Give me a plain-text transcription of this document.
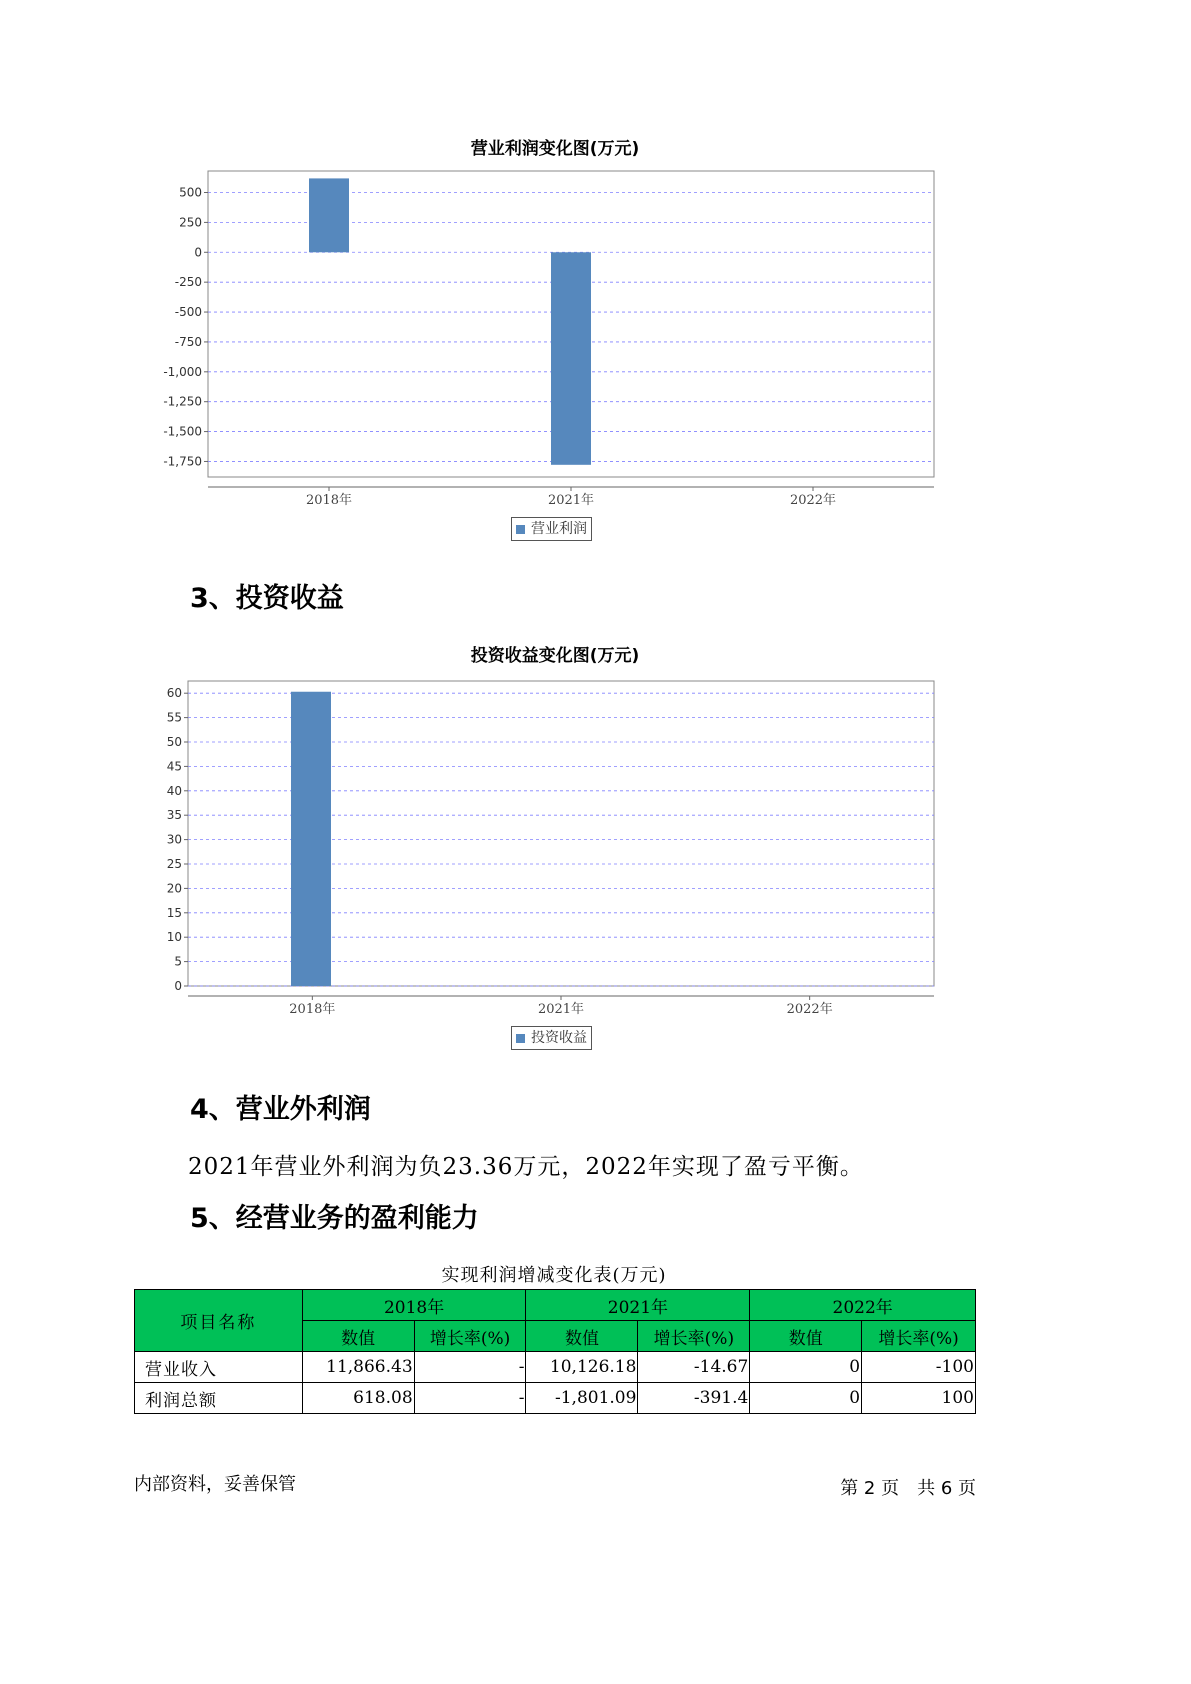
营业利润变化图(万元)
500
250
0
-250
-500
-750
-1,000
-1,250
-1,500
-1,750
2018年	2021年	2022年
营业利润
3、投资收益
投资收益变化图(万元)
60
55
50
45
40
35
30
25
20
15
10
5
0
2018年	2021年	2022年
投资收益
4、营业外利润
2021年营业外利润为负23.36万元，2022年实现了盈亏平衡。
5、经营业务的盈利能力
实现利润增减变化表(万元)
项目名称	2018年		2021年		2022年	
	数值	增长率(%)	数值	增长率(%)	数值	增长率(%)
营业收入	11,866.43	-	10,126.18	-14.67	0	-100
利润总额	618.08	-	-1,801.09	-391.4	0	100
内部资料，妥善保管	第 2 页　共 6 页
